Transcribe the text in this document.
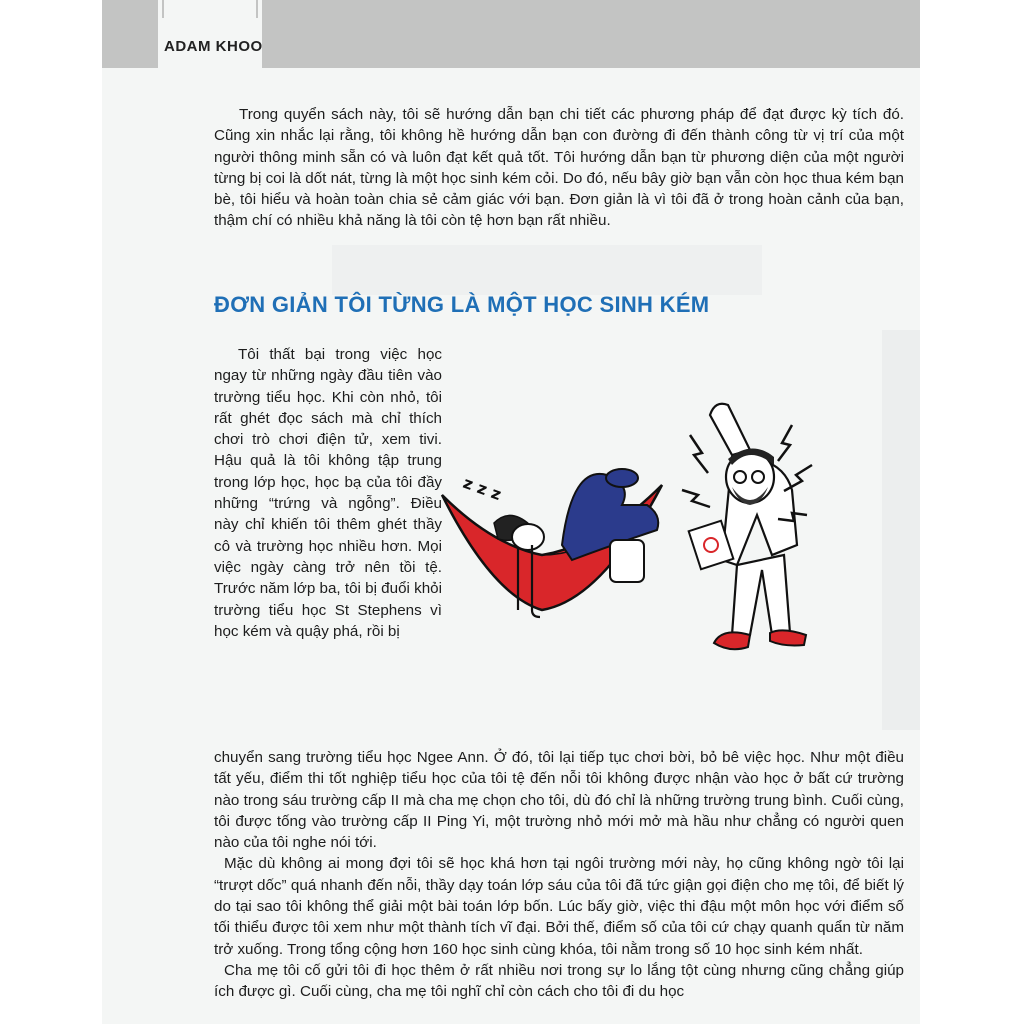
ADAM KHOO

Trong quyển sách này, tôi sẽ hướng dẫn bạn chi tiết các phương pháp để đạt được kỳ tích đó. Cũng xin nhắc lại rằng, tôi không hề hướng dẫn bạn con đường đi đến thành công từ vị trí của một người thông minh sẵn có và luôn đạt kết quả tốt. Tôi hướng dẫn bạn từ phương diện của một người từng bị coi là dốt nát, từng là một học sinh kém cỏi. Do đó, nếu bây giờ bạn vẫn còn học thua kém bạn bè, tôi hiểu và hoàn toàn chia sẻ cảm giác với bạn. Đơn giản là vì tôi đã ở trong hoàn cảnh của bạn, thậm chí có nhiều khả năng là tôi còn tệ hơn bạn rất nhiều.

ĐƠN GIẢN TÔI TỪNG LÀ MỘT HỌC SINH KÉM

Tôi thất bại trong việc học ngay từ những ngày đầu tiên vào trường tiểu học. Khi còn nhỏ, tôi rất ghét đọc sách mà chỉ thích chơi trò chơi điện tử, xem tivi. Hậu quả là tôi không tập trung trong lớp học, học bạ của tôi đầy những “trứng và ngỗng”. Điều này chỉ khiến tôi thêm ghét thầy cô và trường học nhiều hơn. Mọi việc ngày càng trở nên tồi tệ. Trước năm lớp ba, tôi bị đuổi khỏi trường tiểu học St Stephens vì học kém và quậy phá, rồi bị

chuyển sang trường tiểu học Ngee Ann. Ở đó, tôi lại tiếp tục chơi bời, bỏ bê việc học. Như một điều tất yếu, điểm thi tốt nghiệp tiểu học của tôi tệ đến nỗi tôi không được nhận vào học ở bất cứ trường nào trong sáu trường cấp II mà cha mẹ chọn cho tôi, dù đó chỉ là những trường trung bình. Cuối cùng, tôi được tống vào trường cấp II Ping Yi, một trường nhỏ mới mở mà hầu như chẳng có người quen nào của tôi nghe nói tới.
Mặc dù không ai mong đợi tôi sẽ học khá hơn tại ngôi trường mới này, họ cũng không ngờ tôi lại “trượt dốc” quá nhanh đến nỗi, thầy dạy toán lớp sáu của tôi đã tức giận gọi điện cho mẹ tôi, để biết lý do tại sao tôi không thể giải một bài toán lớp bốn. Lúc bấy giờ, việc thi đậu một môn học với điểm số tối thiểu được tôi xem như một thành tích vĩ đại. Bởi thế, điểm số của tôi cứ chạy quanh quẩn từ năm trở xuống. Trong tổng cộng hơn 160 học sinh cùng khóa, tôi nằm trong số 10 học sinh kém nhất.
Cha mẹ tôi cố gửi tôi đi học thêm ở rất nhiều nơi trong sự lo lắng tột cùng nhưng cũng chẳng giúp ích được gì. Cuối cùng, cha mẹ tôi nghĩ chỉ còn cách cho tôi đi du học
z z z
